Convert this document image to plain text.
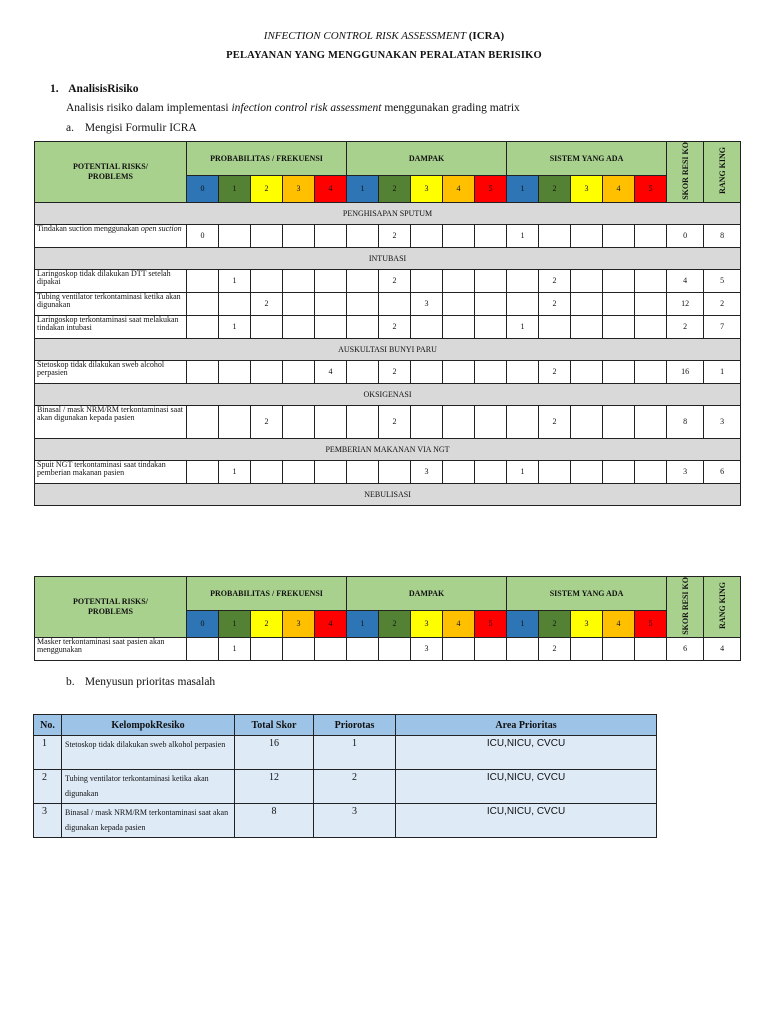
INFECTION CONTROL RISK ASSESSMENT (ICRA)
PELAYANAN YANG MENGGUNAKAN PERALATAN BERISIKO
1. AnalisisRisiko
Analisis risiko dalam implementasi infection control risk assessment menggunakan grading matrix
a. Mengisi Formulir ICRA
POTENTIAL RISKS/ PROBLEMS	PROBABILITAS / FREKUENSI					DAMPAK					SISTEM YANG ADA					SKOR RESI KO	RANG KING
	0	1	2	3	4	1	2	3	4	5	1	2	3	4	5		
PENGHISAPAN SPUTUM																	
Tindakan suction menggunakan open suction	0						2				1					0	8
INTUBASI																	
Laringoskop tidak dilakukan DTT setelah dipakai		1					2					2				4	5
Tubing ventilator terkontaminasi ketika akan digunakan			2					3				2				12	2
Laringoskop terkontaminasi saat melakukan tindakan intubasi		1					2				1					2	7
AUSKULTASI BUNYI PARU																	
Stetoskop tidak dilakukan sweb alcohol perpasien					4		2					2				16	1
OKSIGENASI																	
Binasal / mask NRM/RM terkontaminasi saat akan digunakan kepada pasien			2				2					2				8	3
PEMBERIAN MAKANAN VIA NGT																	
Spuit NGT terkontaminasi saat tindakan pemberian makanan pasien		1						3			1					3	6
NEBULISASI																	
POTENTIAL RISKS/ PROBLEMS	PROBABILITAS / FREKUENSI					DAMPAK					SISTEM YANG ADA					SKOR RESI KO	RANG KING
	0	1	2	3	4	1	2	3	4	5	1	2	3	4	5		
Masker terkontaminasi saat pasien akan menggunakan		1						3				2				6	4
b. Menyusun prioritas masalah
No.	KelompokResiko	Total Skor	Priorotas	Area Prioritas
1	Stetoskop tidak dilakukan sweb alkohol perpasien	16	1	ICU,NICU, CVCU
2	Tubing ventilator terkontaminasi ketika akan digunakan	12	2	ICU,NICU, CVCU
3	Binasal / mask NRM/RM terkontaminasi saat akan digunakan kepada pasien	8	3	ICU,NICU, CVCU
